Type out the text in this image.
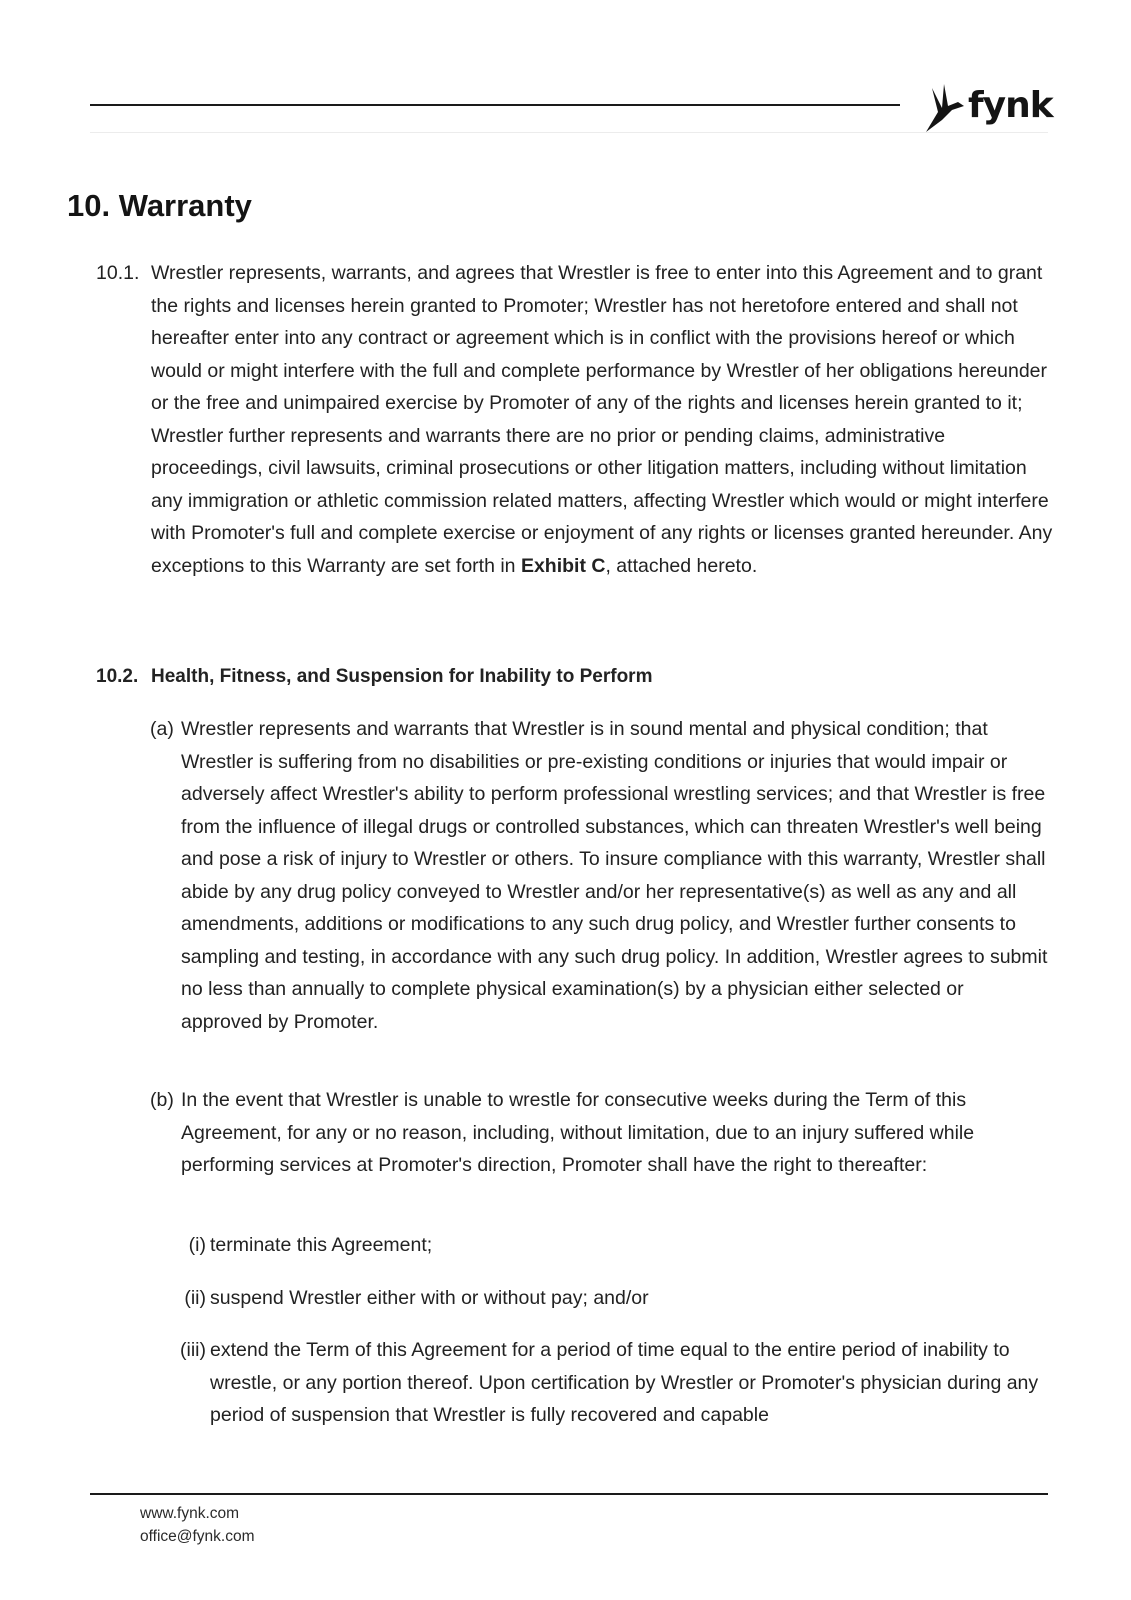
fynk
10. Warranty
10.1. Wrestler represents, warrants, and agrees that Wrestler is free to enter into this Agreement and to grant the rights and licenses herein granted to Promoter; Wrestler has not heretofore entered and shall not hereafter enter into any contract or agreement which is in conflict with the provisions hereof or which would or might interfere with the full and complete performance by Wrestler of her obligations hereunder or the free and unimpaired exercise by Promoter of any of the rights and licenses herein granted to it; Wrestler further represents and warrants there are no prior or pending claims, administrative proceedings, civil lawsuits, criminal prosecutions or other litigation matters, including without limitation any immigration or athletic commission related matters, affecting Wrestler which would or might interfere with Promoter's full and complete exercise or enjoyment of any rights or licenses granted hereunder. Any exceptions to this Warranty are set forth in Exhibit C, attached hereto.
10.2. Health, Fitness, and Suspension for Inability to Perform
(a) Wrestler represents and warrants that Wrestler is in sound mental and physical condition; that Wrestler is suffering from no disabilities or pre-existing conditions or injuries that would impair or adversely affect Wrestler's ability to perform professional wrestling services; and that Wrestler is free from the influence of illegal drugs or controlled substances, which can threaten Wrestler's well being and pose a risk of injury to Wrestler or others. To insure compliance with this warranty, Wrestler shall abide by any drug policy conveyed to Wrestler and/or her representative(s) as well as any and all amendments, additions or modifications to any such drug policy, and Wrestler further consents to sampling and testing, in accordance with any such drug policy. In addition, Wrestler agrees to submit no less than annually to complete physical examination(s) by a physician either selected or approved by Promoter.
(b) In the event that Wrestler is unable to wrestle for consecutive weeks during the Term of this Agreement, for any or no reason, including, without limitation, due to an injury suffered while performing services at Promoter's direction, Promoter shall have the right to thereafter:
(i) terminate this Agreement;
(ii) suspend Wrestler either with or without pay; and/or
(iii) extend the Term of this Agreement for a period of time equal to the entire period of inability to wrestle, or any portion thereof. Upon certification by Wrestler or Promoter's physician during any period of suspension that Wrestler is fully recovered and capable
www.fynk.com
office@fynk.com
